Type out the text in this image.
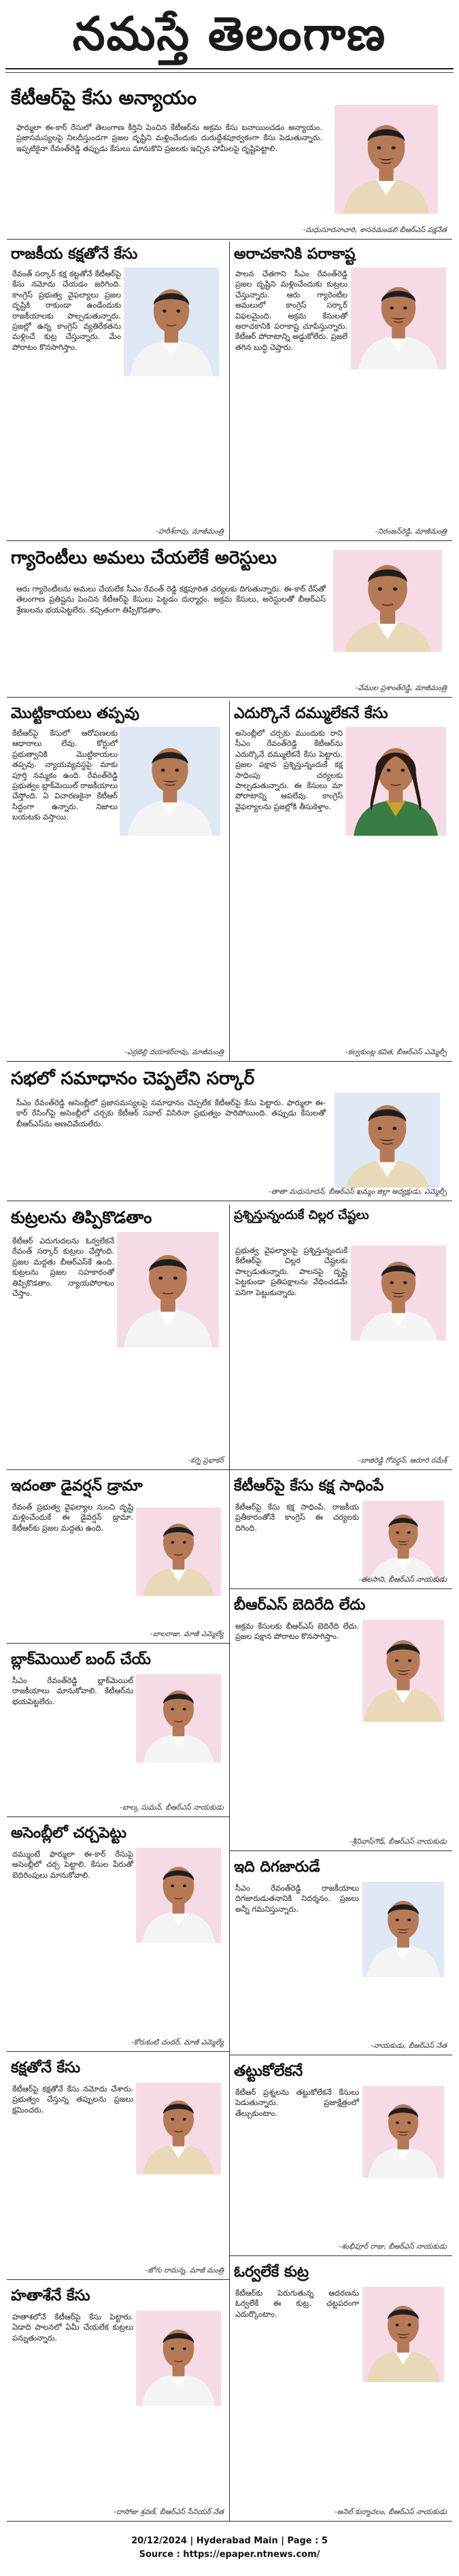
నమస్తే తెలంగాణ
కేటీఆర్‌పై కేసు అన్యాయం
ఫార్ములా ఈ-కార్ రేసులో తెలంగాణ కీర్తిని పెంచిన కేటీఆర్‌ను అక్రమ కేసు బనాయించడం అన్యాయం. ప్రజాసమస్యలపై నిలదీస్తుండగా ప్రజల దృష్టిని మళ్లించేందుకు దురుద్దేశపూర్వకంగా కేసు పెడుతున్నారు. ఇప్పటికైనా రేవంత్‌రెడ్డి తప్పుడు కేసులు మానుకొని ప్రజలకు ఇచ్చిన హామీలపై దృష్టిపెట్టాలి.
-మధుసూదనాచారి, శాసనమండలి బీఆర్‌ఎస్ పక్షనేత
రాజకీయ కక్షతోనే కేసు
రేవంత్ సర్కార్ కక్ష కట్టతోనే కేటీఆర్‌పై కేసు నమోదు చేయడం జరిగింది. కాంగ్రెస్ ప్రభుత్వ వైఫల్యాలు ప్రజల దృష్టికి రాకుండా ఉండేందుకు రాజకీయాలకు పాల్పడుతున్నారు. ప్రజల్లో ఉన్న కాంగ్రెస్ వ్యతిరేకతను మళ్లించే కుట్ర చేస్తున్నారు. మేం పోరాటం కొనసాగిస్తాం.
-హరీశ్‌రావు, మాజీమంత్రి
అరాచకానికి పరాకాష్ట
పాలన చేతగాని సీఎం రేవంత్‌రెడ్డి ప్రజల దృష్టిని మళ్లించేందుకు కుట్రలు చేస్తున్నారు. ఆరు గ్యారెంటీల అమలులో కాంగ్రెస్ సర్కార్ విఫలమైంది. అక్రమ కేసులతో అరాచకానికి పరాకాష్ట చూపిస్తున్నారు. కేటీఆర్ పోరాటాన్ని అడ్డుకోలేరు. ప్రజలే తగిన బుద్ధి చెప్తారు.
-నిరంజన్‌రెడ్డి, మాజీమంత్రి
గ్యారెంటీలు అమలు చేయలేకే అరెస్టులు
ఆరు గ్యారెంటీలను అమలు చేయలేక సీఎం రేవంత్ రెడ్డి కక్షపూరిత చర్యలకు దిగుతున్నారు. ఈ-కార్ రేస్‌తో తెలంగాణ ప్రతిష్టను పెంచిన కేటీఆర్‌పై కేసులు పెట్టడం దుర్మార్గం. అక్రమ కేసులు, అరెస్టులతో బీఆర్‌ఎస్ శ్రేణులను భయపెట్టలేరు. కచ్చితంగా తిప్పికొడతాం.
-వేముల ప్రశాంత్‌రెడ్డి, మాజీమంత్రి
మొట్టికాయలు తప్పవు
కేటీఆర్‌పై కేసులో ఆరోపణలకు ఆధారాలు లేవు. కోర్టులో ప్రభుత్వానికి మొట్టికాయలు తప్పవు. న్యాయవ్యవస్థపై మాకు పూర్తి నమ్మకం ఉంది. రేవంత్‌రెడ్డి ప్రభుత్వం బ్లాక్‌మెయిల్ రాజకీయాలు చేస్తోంది. ఏ విచారణకైనా కేటీఆర్ సిద్ధంగా ఉన్నారు. నిజాలు బయటకు వస్తాయి.
-ఎర్రబెల్లి దయాకర్‌రావు, మాజీమంత్రి
ఎదుర్కొనే దమ్ములేకనే కేసు
అసెంబ్లీలో చర్చకు ముందుకు రాని సీఎం రేవంత్‌రెడ్డి కేటీఆర్‌ను ఎదుర్కొనే దమ్ములేకనే కేసు పెట్టారు. ప్రజల పక్షాన ప్రశ్నిస్తున్నందుకే కక్ష సాధింపు చర్యలకు పాల్పడుతున్నారు. ఈ కేసులు మా పోరాటాన్ని ఆపలేవు. కాంగ్రెస్ వైఫల్యాలను ప్రజల్లోకి తీసుకెళ్తాం.
-కల్వకుంట్ల కవిత, బీఆర్‌ఎస్ ఎమ్మెల్సీ
సభలో సమాధానం చెప్పలేని సర్కార్
సీఎం రేవంత్‌రెడ్డి అసెంబ్లీలో ప్రజాసమస్యలపై సమాధానం చెప్పలేక కేటీఆర్‌పై కేసు పెట్టారు. ఫార్ములా ఈ-కార్ రేసింగ్‌పై అసెంబ్లీలో చర్చకు కేటీఆర్ సవాల్ విసిరినా ప్రభుత్వం పారిపోయింది. తప్పుడు కేసులతో బీఆర్‌ఎస్‌ను అణచివేయలేరు.
-తాతా మధుసూదన్, బీఆర్‌ఎస్ ఖమ్మం జిల్లా అధ్యక్షుడు, ఎమ్మెల్సీ
కుట్రలను తిప్పికొడతాం
కేటీఆర్ ఎదుగుదలను ఓర్వలేకనే రేవంత్ సర్కార్ కుట్రలు చేస్తోంది. ప్రజల మద్దతు బీఆర్‌ఎస్‌కే ఉంది. కుట్రలను ప్రజల సహకారంతో తిప్పికొడతాం. న్యాయపోరాటం చేస్తాం.
-కర్నె ప్రభాకర్
ప్రశ్నిస్తున్నందుకే చిల్లర చేష్టలు
ప్రభుత్వ వైఫల్యాలపై ప్రశ్నిస్తున్నందుకే కేటీఆర్‌పై చిల్లర చేష్టలకు పాల్పడుతున్నారు. పాలనపై దృష్టి పెట్టకుండా ప్రతిపక్షాలను వేధించడమే పనిగా పెట్టుకున్నారు.
-బాజిరెడ్డి గోవర్ధన్, ఆరూరి రమేశ్
ఇదంతా డైవర్షన్ డ్రామా
రేవంత్ ప్రభుత్వ వైఫల్యాల నుంచి దృష్టి మళ్లించేందుకే ఈ డైవర్షన్ డ్రామా. కేటీఆర్‌కు ప్రజల మద్దతు ఉంది.
-బాలరాజు, మాజీ ఎమ్మెల్యే
కేటీఆర్‌పై కేసు కక్ష సాధింపే
కేటీఆర్‌పై కేసు కక్ష సాధింపే. రాజకీయ ప్రతీకారంతోనే కాంగ్రెస్ ఈ చర్యలకు దిగింది.
-తలసాని, బీఆర్‌ఎస్ నాయకుడు
బ్లాక్‌మెయిల్ బంద్ చేయ్
సీఎం రేవంత్‌రెడ్డి బ్లాక్‌మెయిల్ రాజకీయాలు మానుకోవాలి. కేటీఆర్‌ను భయపెట్టలేరు.
-బాల్క సుమన్, బీఆర్‌ఎస్ నాయకుడు
బీఆర్‌ఎస్ బెదిరేది లేదు
అక్రమ కేసులకు బీఆర్‌ఎస్ బెదిరేది లేదు. ప్రజల పక్షాన పోరాటం కొనసాగిస్తాం.
-శ్రీనివాస్‌గౌడ్, బీఆర్‌ఎస్ నాయకుడు
అసెంబ్లీలో చర్చపెట్టు
దమ్ముంటే ఫార్ములా ఈ-కార్ రేసుపై అసెంబ్లీలో చర్చ పెట్టాలి. కేసుల పేరుతో బెదిరింపులు మానుకోవాలి.
-కోరుకంటి చందర్, మాజీ ఎమ్మెల్యే
ఇది దిగజారుడే
సీఎం రేవంత్‌రెడ్డి రాజకీయాలు దిగజారుడుతనానికి నిదర్శనం. ప్రజలు అన్నీ గమనిస్తున్నారు.
-నాయకుడు, బీఆర్‌ఎస్ నేత
కక్షతోనే కేసు
కేటీఆర్‌పై కక్షతోనే కేసు నమోదు చేశారు. ప్రభుత్వం చేస్తున్న తప్పులను ప్రజలు క్షమించరు.
-జోగు రామన్న, మాజీ మంత్రి
తట్టుకోలేకనే
కేటీఆర్ ప్రశ్నలను తట్టుకోలేకనే కేసులు పెడుతున్నారు. ప్రజాక్షేత్రంలో తేల్చుకుంటాం.
-శంభీపూర్ రాజు, బీఆర్‌ఎస్ నాయకుడు
హతాశేనే కేసు
హతాశలోనే కేటీఆర్‌పై కేసు పెట్టారు. ఏడాది పాలనలో ఏమీ చేయలేక కుట్రలు పన్నుతున్నారు.
-దాసోజు శ్రవణ్, బీఆర్‌ఎస్ సీనియర్ నేత
ఓర్వలేకే కుట్ర
కేటీఆర్‌కు పెరుగుతున్న ఆదరణను ఓర్వలేకే ఈ కుట్ర. చట్టపరంగా ఎదుర్కొంటాం.
-అనిల్ కుర్మాచలం, బీఆర్‌ఎస్ నాయకుడు
20/12/2024 | Hyderabad Main | Page : 5
Source : https://epaper.ntnews.com/
